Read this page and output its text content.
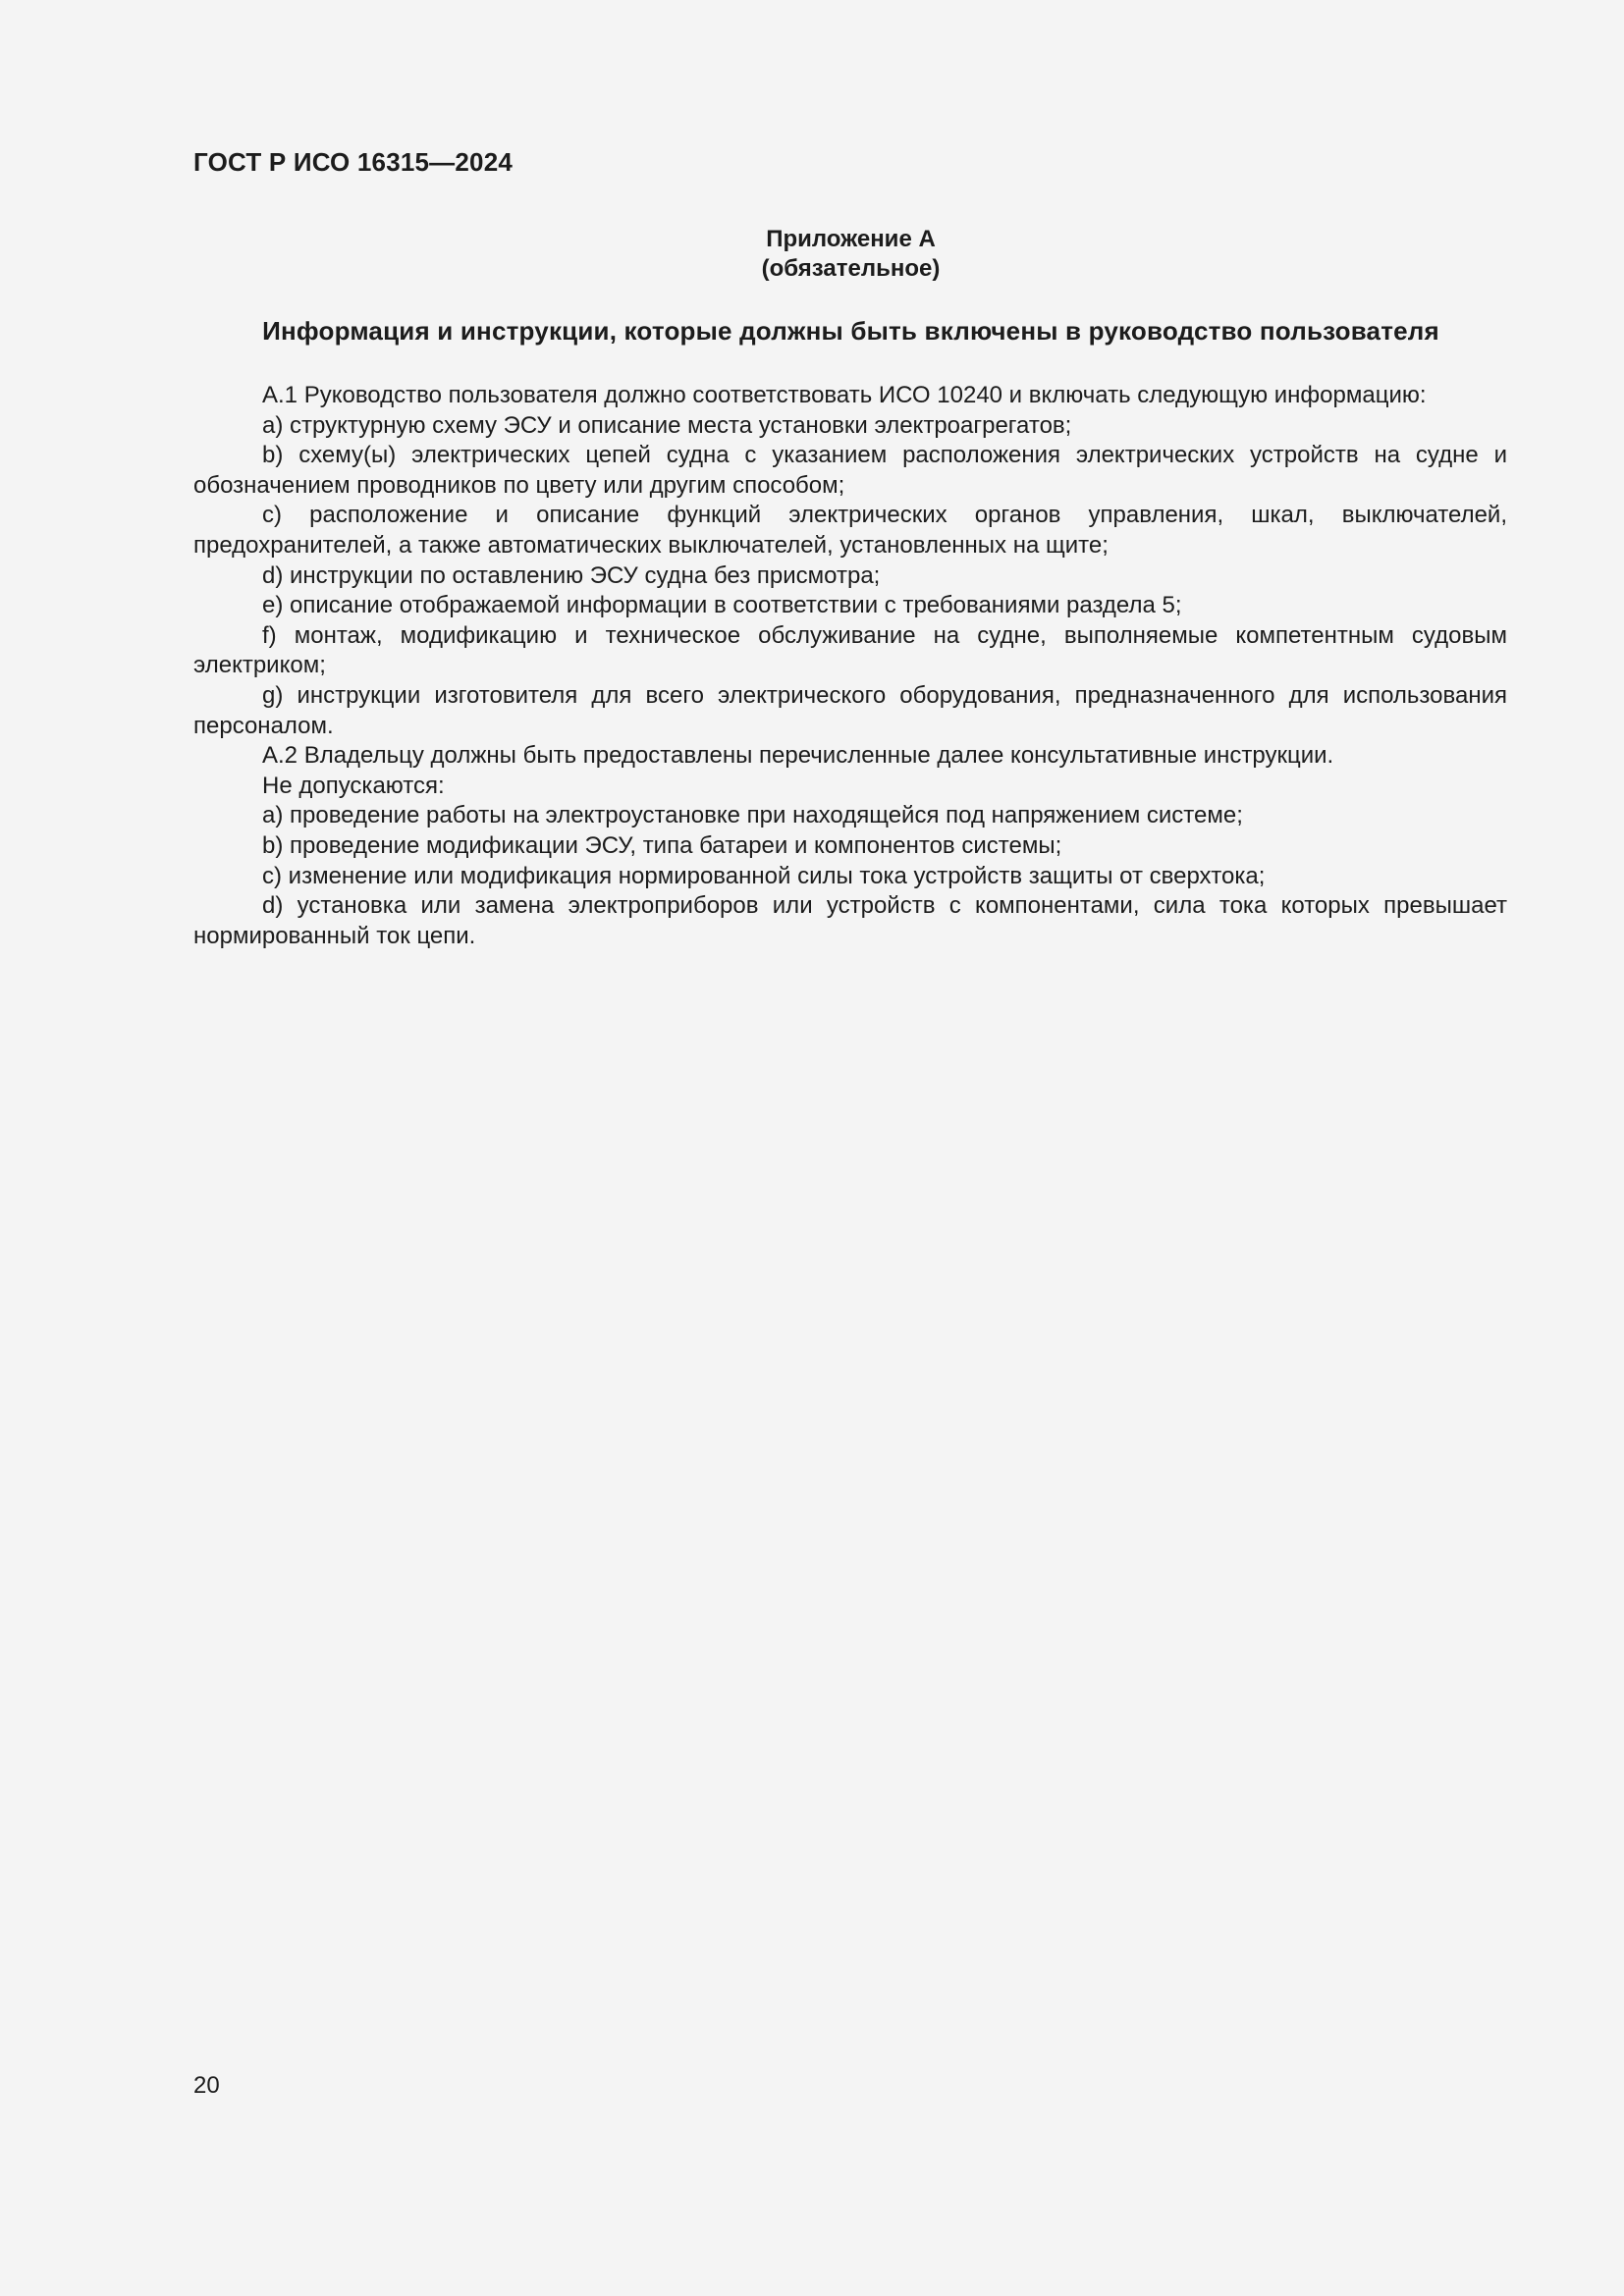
ГОСТ Р ИСО 16315—2024
Приложение А
(обязательное)
Информация и инструкции, которые должны быть включены в руководство пользователя

А.1 Руководство пользователя должно соответствовать ИСО 10240 и включать следующую информацию:

a) структурную схему ЭСУ и описание места установки электроагрегатов;

b) схему(ы) электрических цепей судна с указанием расположения электрических устройств на судне и обозначением проводников по цвету или другим способом;

c) расположение и описание функций электрических органов управления, шкал, выключателей, предохранителей, а также автоматических выключателей, установленных на щите;

d) инструкции по оставлению ЭСУ судна без присмотра;

e) описание отображаемой информации в соответствии с требованиями раздела 5;

f) монтаж, модификацию и техническое обслуживание на судне, выполняемые компетентным судовым электриком;

g) инструкции изготовителя для всего электрического оборудования, предназначенного для использования персоналом.

А.2 Владельцу должны быть предоставлены перечисленные далее консультативные инструкции.

Не допускаются:

a) проведение работы на электроустановке при находящейся под напряжением системе;

b) проведение модификации ЭСУ, типа батареи и компонентов системы;

c) изменение или модификация нормированной силы тока устройств защиты от сверхтока;

d) установка или замена электроприборов или устройств с компонентами, сила тока которых превышает нормированный ток цепи.

20
